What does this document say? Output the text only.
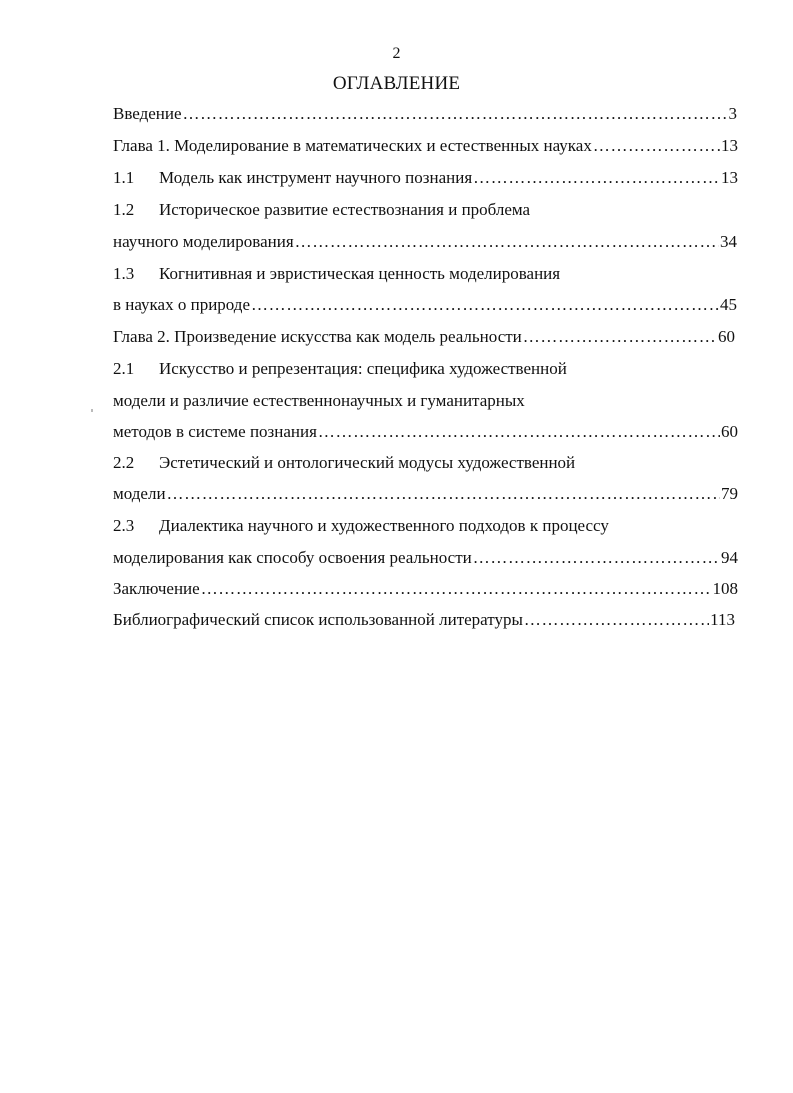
2
ОГЛАВЛЕНИЕ
Введение …………………………………………………………………………………………………………………………………………………………	3
Глава 1. Моделирование в математических и естественных науках …………………………………………………………………………………………………………………………………………………………	13
1.1	Модель как инструмент научного познания …………………………………………………………………………………………………………………………………………………………	13
1.2	Историческое развитие естествознания и проблема
научного моделирования …………………………………………………………………………………………………………………………………………………………	34
1.3	Когнитивная и эвристическая ценность моделирования
в науках о природе …………………………………………………………………………………………………………………………………………………………	45
Глава 2. Произведение искусства как модель реальности …………………………………………………………………………………………………………………………………………………………	60
2.1	Искусство и репрезентация: специфика художественной
модели и различие естественнонаучных и гуманитарных
методов в системе познания …………………………………………………………………………………………………………………………………………………………	60
2.2	Эстетический и онтологический модусы художественной
модели …………………………………………………………………………………………………………………………………………………………	79
2.3	Диалектика научного и художественного подходов к процессу
моделирования как способу освоения реальности …………………………………………………………………………………………………………………………………………………………	94
Заключение …………………………………………………………………………………………………………………………………………………………	108
Библиографический список использованной литературы …………………………………………………………………………………………………………………………………………………………	113
